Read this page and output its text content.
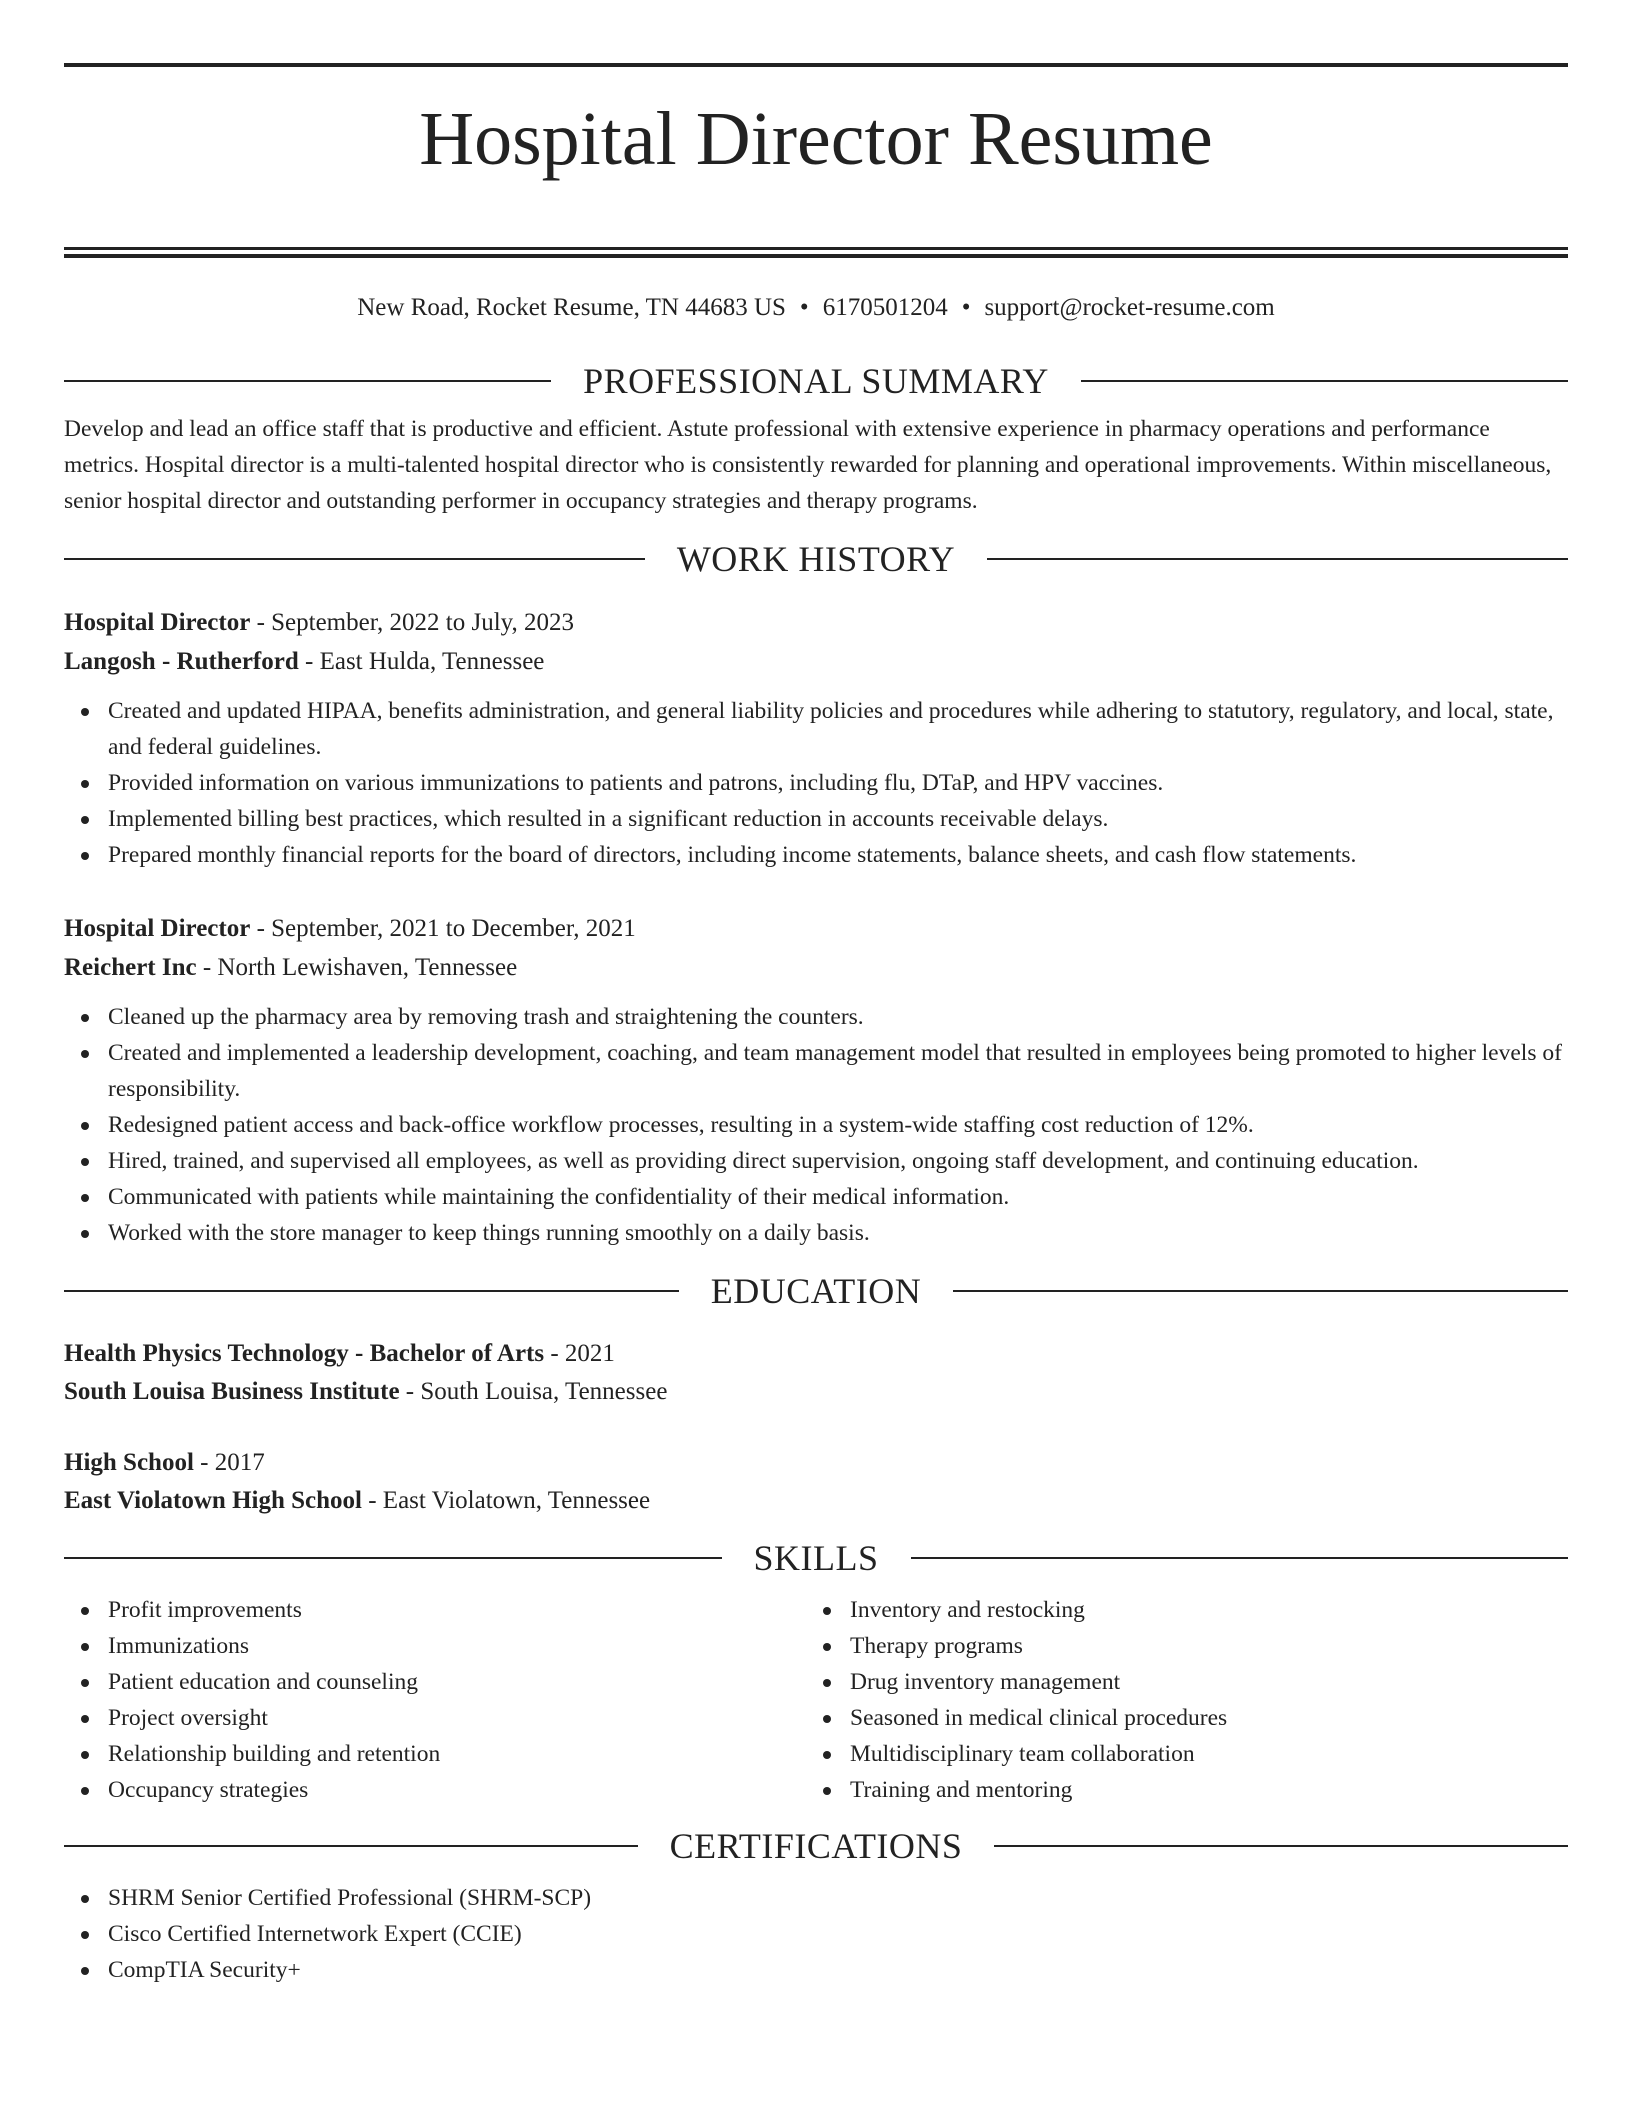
Hospital Director Resume
New Road, Rocket Resume, TN 44683 US • 6170501204 • support@rocket-resume.com
PROFESSIONAL SUMMARY

Develop and lead an office staff that is productive and efficient. Astute professional with extensive experience in pharmacy operations and performance metrics. Hospital director is a multi-talented hospital director who is consistently rewarded for planning and operational improvements. Within miscellaneous, senior hospital director and outstanding performer in occupancy strategies and therapy programs.

WORK HISTORY
Hospital Director - September, 2022 to July, 2023
Langosh - Rutherford - East Hulda, Tennessee
Created and updated HIPAA, benefits administration, and general liability policies and procedures while adhering to statutory, regulatory, and local, state, and federal guidelines.
Provided information on various immunizations to patients and patrons, including flu, DTaP, and HPV vaccines.
Implemented billing best practices, which resulted in a significant reduction in accounts receivable delays.
Prepared monthly financial reports for the board of directors, including income statements, balance sheets, and cash flow statements.
Hospital Director - September, 2021 to December, 2021
Reichert Inc - North Lewishaven, Tennessee
Cleaned up the pharmacy area by removing trash and straightening the counters.
Created and implemented a leadership development, coaching, and team management model that resulted in employees being promoted to higher levels of responsibility.
Redesigned patient access and back-office workflow processes, resulting in a system-wide staffing cost reduction of 12%.
Hired, trained, and supervised all employees, as well as providing direct supervision, ongoing staff development, and continuing education.
Communicated with patients while maintaining the confidentiality of their medical information.
Worked with the store manager to keep things running smoothly on a daily basis.
EDUCATION
Health Physics Technology - Bachelor of Arts - 2021
South Louisa Business Institute - South Louisa, Tennessee
High School - 2017
East Violatown High School - East Violatown, Tennessee
SKILLS
Profit improvements
Immunizations
Patient education and counseling
Project oversight
Relationship building and retention
Occupancy strategies
Inventory and restocking
Therapy programs
Drug inventory management
Seasoned in medical clinical procedures
Multidisciplinary team collaboration
Training and mentoring
CERTIFICATIONS
SHRM Senior Certified Professional (SHRM-SCP)
Cisco Certified Internetwork Expert (CCIE)
CompTIA Security+
